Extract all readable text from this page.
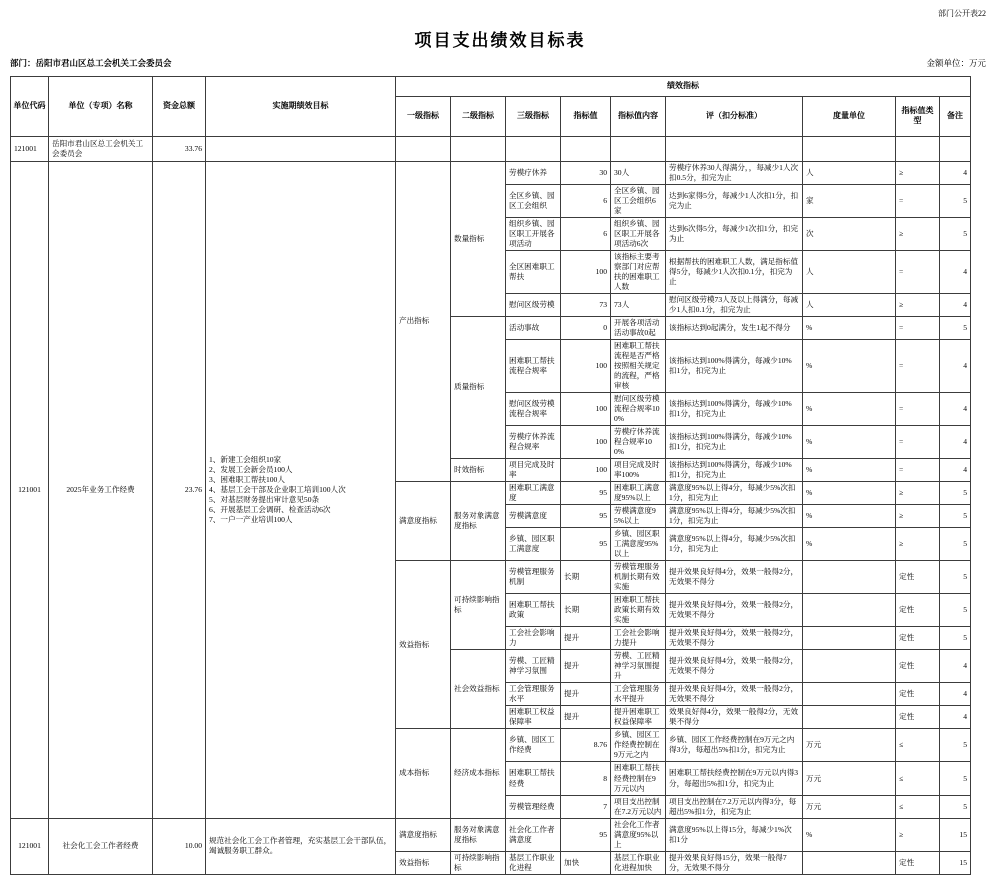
部门公开表22
项目支出绩效目标表
部门：岳阳市君山区总工会机关工会委员会	金额单位：万元
单位代码	单位（专项）名称	资金总额	实施期绩效目标	绩效指标								
				一级指标	二级指标	三级指标	指标值	指标值内容	评（扣分标准）	度量单位	指标值类型	备注
121001	岳阳市君山区总工会机关工会委员会	33.76										
121001	2025年业务工作经费	23.76	
1、新建工会组织10家
2、发展工会新会员100人
3、困难职工帮扶100人
4、基层工会干部及企业职工培训100人次
5、对基层财务提出审计意见50条
6、开展基层工会调研、检查活动6次
7、一户一产业培训100人
	产出指标	数量指标	劳模疗休养	30	30人	劳模疗休养30人得满分，，每减少1人次扣0.5分，扣完为止	人	≥	4
						全区乡镇、园区工会组织	6	全区乡镇、园区工会组织6家	达到6家得5分，每减少1人次扣1分，扣完为止	家	=	5
						组织乡镇、园区职工开展各项活动	6	组织乡镇、园区职工开展各项活动6次	达到6次得5分，每减少1次扣1分，扣完为止	次	≥	5
						全区困难职工帮扶	100	该指标主要考察部门对应帮扶的困难职工人数	根据帮扶的困难职工人数，满足指标值得5分，每减少1人次扣0.1分，扣完为止	人	=	4
						慰问区级劳模	73	73人	慰问区级劳模73人及以上得满分，每减少1人扣0.1分，扣完为止	人	≥	4
					质量指标	活动事故	0	开展各项活动活动事故0起	该指标达到0起满分，发生1起不得分	%	=	5
						困难职工帮扶流程合规率	100	困难职工帮扶流程是否严格按照相关规定的流程，严格审核	该指标达到100%得满分，每减少10%扣1分，扣完为止	%	=	4
						慰问区级劳模流程合规率	100	慰问区级劳模流程合规率100%	该指标达到100%得满分，每减少10%扣1分，扣完为止	%	=	4
						劳模疗休养流程合规率	100	劳模疗休养流程合规率100%	该指标达到100%得满分，每减少10%扣1分，扣完为止	%	=	4
					时效指标	项目完成及时率	100	项目完成及时率100%	该指标达到100%得满分，每减少10%扣1分，扣完为止	%	=	4
				满意度指标	服务对象满意度指标	困难职工满意度	95	困难职工满意度95%以上	满意度95%以上得4分，每减少5%次扣1分，扣完为止	%	≥	5
						劳模满意度	95	劳模满意度95%以上	满意度95%以上得4分，每减少5%次扣1分，扣完为止	%	≥	5
						乡镇、园区职工满意度	95	乡镇、园区职工满意度95%以上	满意度95%以上得4分，每减少5%次扣1分，扣完为止	%	≥	5
				效益指标	可持续影响指标	劳模管理服务机制	长期	劳模管理服务机制长期有效实施	提升效果良好得4分，效果一般得2分，无效果不得分		定性	5
						困难职工帮扶政策	长期	困难职工帮扶政策长期有效实施	提升效果良好得4分，效果一般得2分，无效果不得分		定性	5
						工会社会影响力	提升	工会社会影响力提升	提升效果良好得4分，效果一般得2分，无效果不得分		定性	5
					社会效益指标	劳模、工匠精神学习氛围	提升	劳模、工匠精神学习氛围提升	提升效果良好得4分，效果一般得2分，无效果不得分		定性	4
						工会管理服务水平	提升	工会管理服务水平提升	提升效果良好得4分，效果一般得2分，无效果不得分		定性	4
						困难职工权益保障率	提升	提升困难职工权益保障率	效果良好得4分，效果一般得2分，无效果不得分		定性	4
				成本指标	经济成本指标	乡镇、园区工作经费	8.76	乡镇、园区工作经费控制在9万元之内	乡镇、园区工作经费控制在9万元之内得3分，每超出5%扣1分，扣完为止	万元	≤	5
						困难职工帮扶经费	8	困难职工帮扶经费控制在9万元以内	困难职工帮扶经费控制在9万元以内得3分，每超出5%扣1分，扣完为止	万元	≤	5
						劳模管理经费	7	项目支出控制在7.2万元以内	项目支出控制在7.2万元以内得3分，每超出5%扣1分，扣完为止	万元	≤	5
121001	社会化工会工作者经费	10.00	规范社会化工会工作者管理，充实基层工会干部队伍，竭诚服务职工群众。	满意度指标	服务对象满意度指标	社会化工作者满意度	95	社会化工作者满意度95%以上	满意度95%以上得15分，每减少1%次扣1分	%	≥	15
				效益指标	可持续影响指标	基层工作职业化进程	加快	基层工作职业化进程加快	提升效果良好得15分，效果一般得7分，无效果不得分		定性	15
